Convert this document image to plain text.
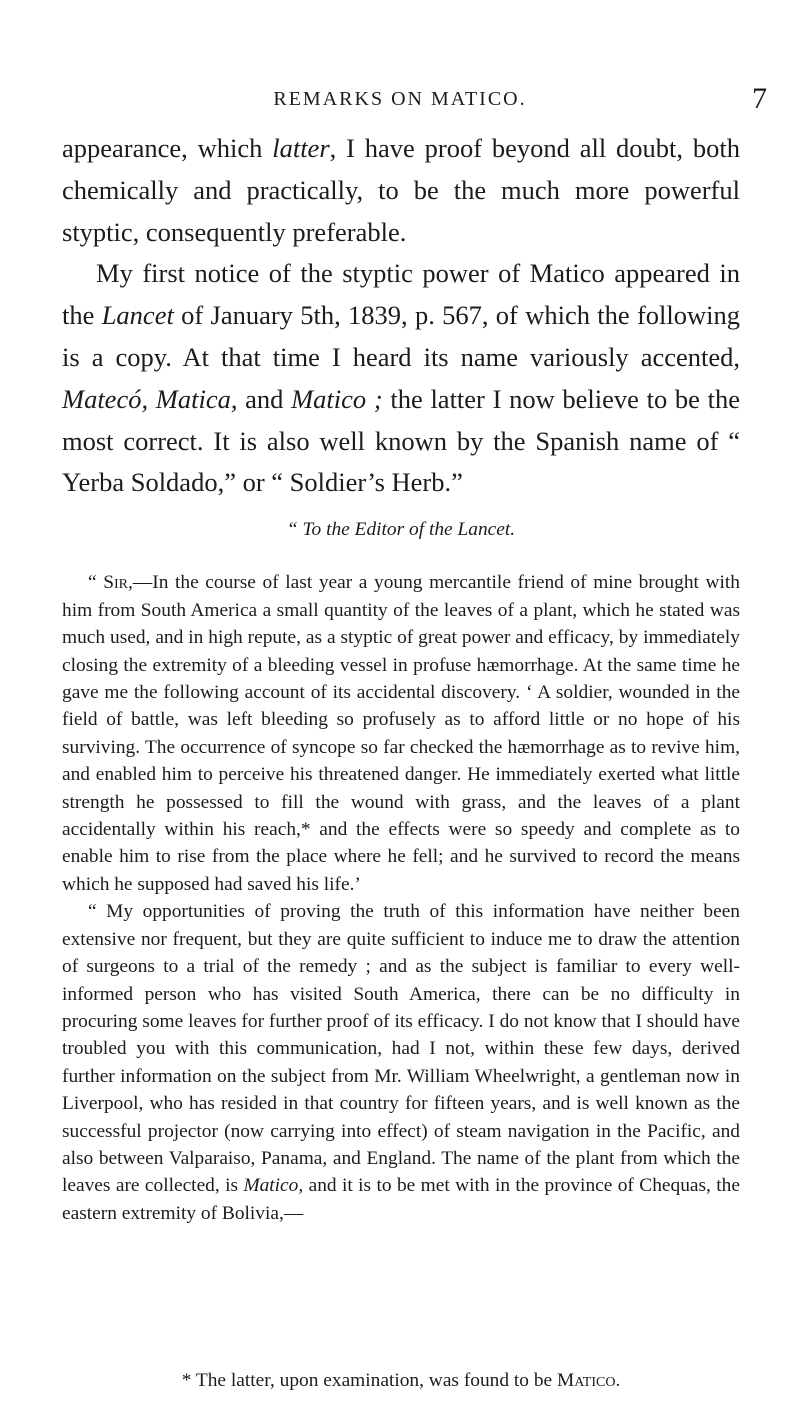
REMARKS ON MATICO.	7

appearance, which latter, I have proof beyond all doubt, both chemically and practically, to be the much more powerful styptic, consequently preferable.

My first notice of the styptic power of Matico appeared in the Lancet of January 5th, 1839, p. 567, of which the following is a copy. At that time I heard its name variously accented, Matecó, Matica, and Matico ; the latter I now believe to be the most correct. It is also well known by the Spanish name of “ Yerba Soldado,” or “ Soldier’s Herb.”

“ To the Editor of the Lancet.

“ Sir,—In the course of last year a young mercantile friend of mine brought with him from South America a small quantity of the leaves of a plant, which he stated was much used, and in high repute, as a styptic of great power and efficacy, by immediately closing the extremity of a bleeding vessel in profuse hæmorrhage. At the same time he gave me the following account of its accidental discovery. ‘ A soldier, wounded in the field of battle, was left bleeding so profusely as to afford little or no hope of his surviving. The occurrence of syncope so far checked the hæmorrhage as to revive him, and enabled him to perceive his threatened danger. He immediately exerted what little strength he possessed to fill the wound with grass, and the leaves of a plant accidentally within his reach,* and the effects were so speedy and complete as to enable him to rise from the place where he fell; and he survived to record the means which he supposed had saved his life.’

“ My opportunities of proving the truth of this information have neither been extensive nor frequent, but they are quite sufficient to induce me to draw the attention of surgeons to a trial of the remedy ; and as the subject is familiar to every well-informed person who has visited South America, there can be no difficulty in procuring some leaves for further proof of its efficacy. I do not know that I should have troubled you with this communication, had I not, within these few days, derived further information on the subject from Mr. William Wheelwright, a gentleman now in Liverpool, who has resided in that country for fifteen years, and is well known as the successful projector (now carrying into effect) of steam navigation in the Pacific, and also between Valparaiso, Panama, and England. The name of the plant from which the leaves are collected, is Matico, and it is to be met with in the province of Chequas, the eastern extremity of Bolivia,—

* The latter, upon examination, was found to be Matico.
